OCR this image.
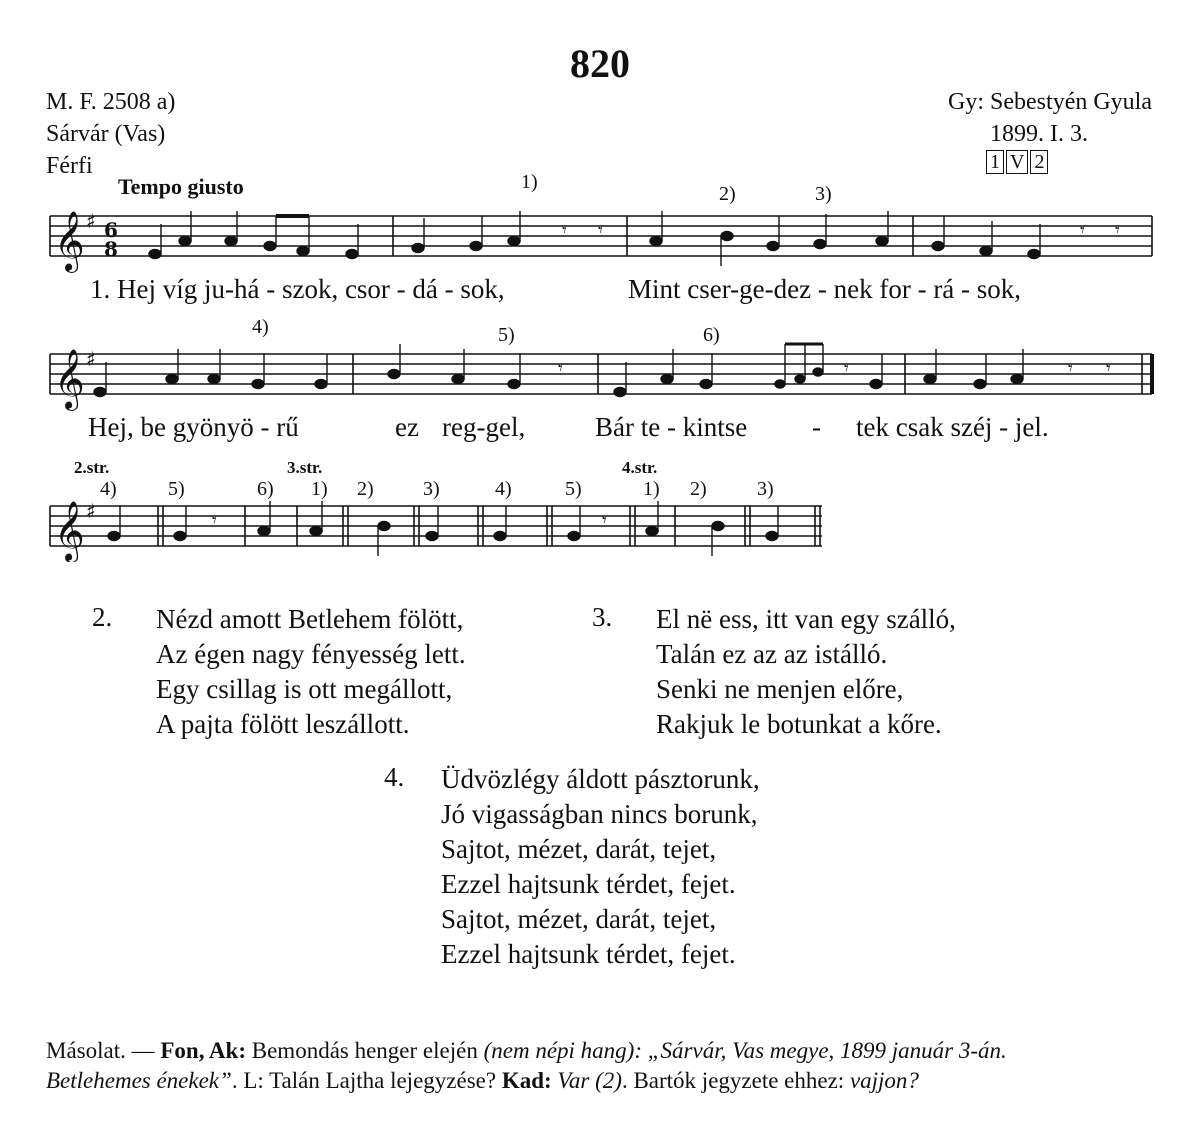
820
M. F. 2508 a)
Sárvár (Vas)
Férfi
Gy: Sebestyén Gyula
1899. I. 3.
1 V 2
Tempo giusto	1)
2)	3)
𝄞 ♯ 6
8
𝄾 𝄾	𝄾 𝄾
1. Hej víg ju-há - szok, csor - dá - sok,	Mint cser-ge-dez - nek for - rá - sok,
4)	5)	6)
𝄞 ♯	𝄾	𝄾	𝄾 𝄾
Hej, be gyönyö - rű	ez reg-gel,	Bár te - kintse - tek csak széj - jel.
2.str.	3.str.	4.str.
4)	5)	6) 1) 2) 3)	4)	5)	1) 2)	3)
𝄞 ♯	𝄾	𝄾
2. Nézd amott Betlehem fölött,
Az égen nagy fényesség lett.
Egy csillag is ott megállott,
A pajta fölött leszállott.
3. El në ess, itt van egy szálló,
Talán ez az az istálló.
Senki ne menjen előre,
Rakjuk le botunkat a kőre.
4. Üdvözlégy áldott pásztorunk,
Jó vigasságban nincs borunk,
Sajtot, mézet, darát, tejet,
Ezzel hajtsunk térdet, fejet.
Sajtot, mézet, darát, tejet,
Ezzel hajtsunk térdet, fejet.
Másolat. — Fon, Ak: Bemondás henger elején (nem népi hang): „Sárvár, Vas megye, 1899 január 3-án.
Betlehemes énekek”. L: Talán Lajtha lejegyzése? Kad: Var (2). Bartók jegyzete ehhez: vajjon?
